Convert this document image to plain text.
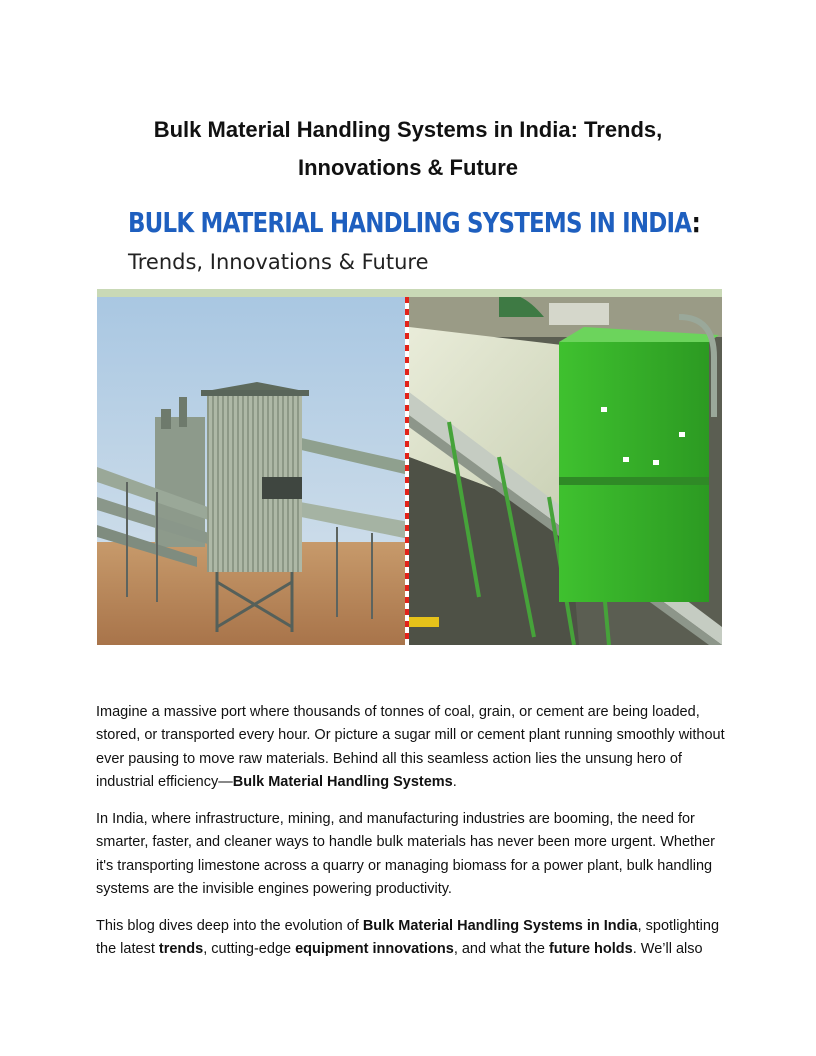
Bulk Material Handling Systems in India: Trends, Innovations & Future
BULK MATERIAL HANDLING SYSTEMS IN INDIA:
Trends, Innovations & Future

Imagine a massive port where thousands of tonnes of coal, grain, or cement are being loaded, stored, or transported every hour. Or picture a sugar mill or cement plant running smoothly without ever pausing to move raw materials. Behind all this seamless action lies the unsung hero of industrial efficiency—Bulk Material Handling Systems.

In India, where infrastructure, mining, and manufacturing industries are booming, the need for smarter, faster, and cleaner ways to handle bulk materials has never been more urgent. Whether it's transporting limestone across a quarry or managing biomass for a power plant, bulk handling systems are the invisible engines powering productivity.

This blog dives deep into the evolution of Bulk Material Handling Systems in India, spotlighting the latest trends, cutting-edge equipment innovations, and what the future holds. We’ll also
